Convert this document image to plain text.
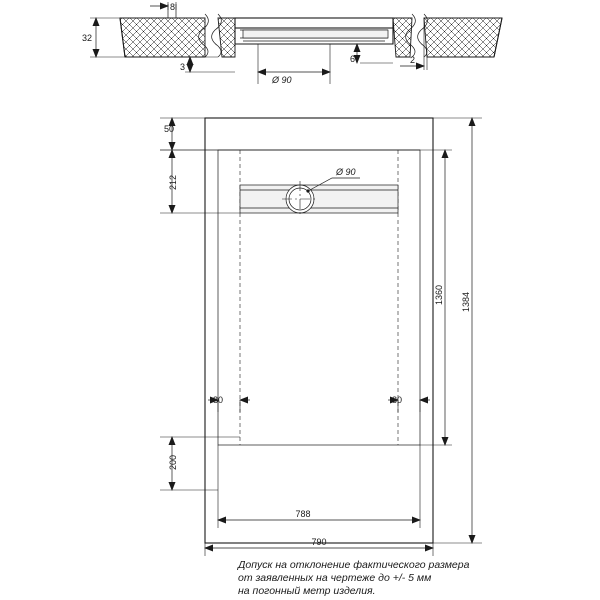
8
32
3
Ø 90
6	2
Ø 90
50
212
1360 1384
80	80
200
788
790
Допуск на отклонение фактического размера
от заявленных на чертеже до +/- 5 мм
на погонный метр изделия.
